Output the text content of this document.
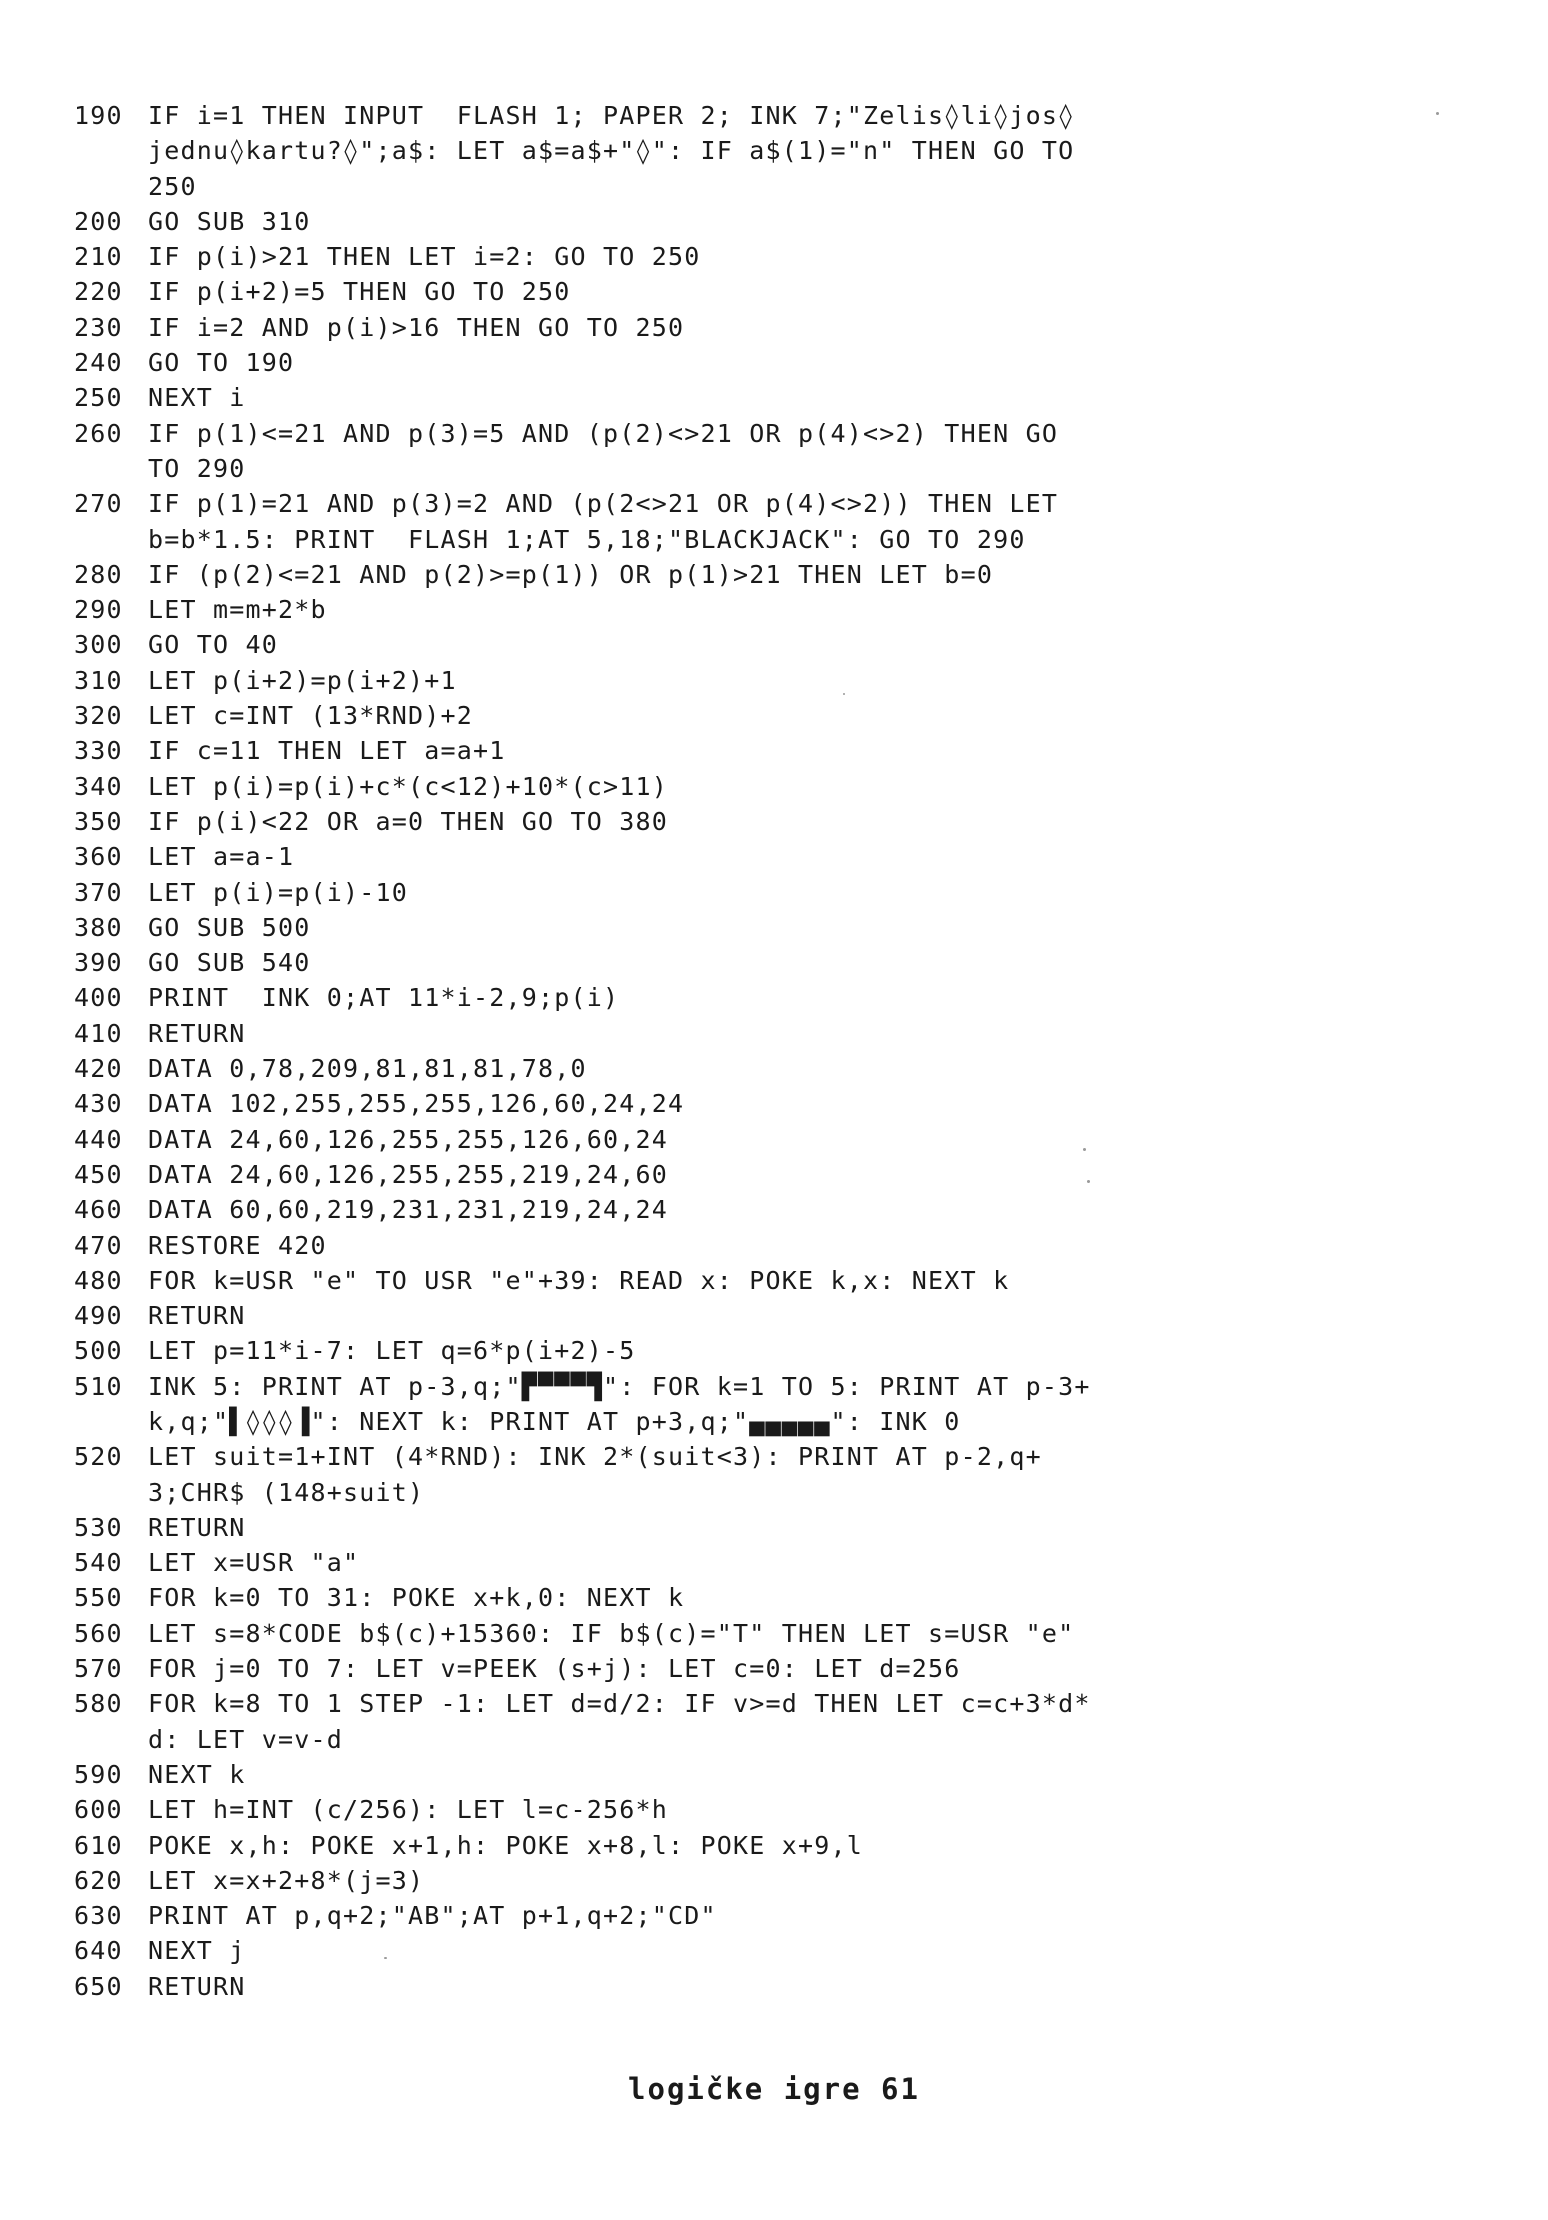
190	IF i=1 THEN INPUT  FLASH 1; PAPER 2; INK 7;"Zelis◊li◊jos◊
jednu◊kartu?◊";a$: LET a$=a$+"◊": IF a$(1)="n" THEN GO TO
250
200	GO SUB 310
210	IF p(i)>21 THEN LET i=2: GO TO 250
220	IF p(i+2)=5 THEN GO TO 250
230	IF i=2 AND p(i)>16 THEN GO TO 250
240	GO TO 190
250	NEXT i
260	IF p(1)<=21 AND p(3)=5 AND (p(2)<>21 OR p(4)<>2) THEN GO
TO 290
270	IF p(1)=21 AND p(3)=2 AND (p(2<>21 OR p(4)<>2)) THEN LET
b=b*1.5: PRINT  FLASH 1;AT 5,18;"BLACKJACK": GO TO 290
280	IF (p(2)<=21 AND p(2)>=p(1)) OR p(1)>21 THEN LET b=0
290	LET m=m+2*b
300	GO TO 40
310	LET p(i+2)=p(i+2)+1
320	LET c=INT (13*RND)+2
330	IF c=11 THEN LET a=a+1
340	LET p(i)=p(i)+c*(c<12)+10*(c>11)
350	IF p(i)<22 OR a=0 THEN GO TO 380
360	LET a=a-1
370	LET p(i)=p(i)-10
380	GO SUB 500
390	GO SUB 540
400	PRINT  INK 0;AT 11*i-2,9;p(i)
410	RETURN
420	DATA 0,78,209,81,81,81,78,0
430	DATA 102,255,255,255,126,60,24,24
440	DATA 24,60,126,255,255,126,60,24
450	DATA 24,60,126,255,255,219,24,60
460	DATA 60,60,219,231,231,219,24,24
470	RESTORE 420
480	FOR k=USR "e" TO USR "e"+39: READ x: POKE k,x: NEXT k
490	RETURN
500	LET p=11*i-7: LET q=6*p(i+2)-5
510	INK 5: PRINT AT p-3,q;"▛▀▀▀▜": FOR k=1 TO 5: PRINT AT p-3+
k,q;"▌◊◊◊▐": NEXT k: PRINT AT p+3,q;"▄▄▄▄▄": INK 0
520	LET suit=1+INT (4*RND): INK 2*(suit<3): PRINT AT p-2,q+
3;CHR$ (148+suit)
530	RETURN
540	LET x=USR "a"
550	FOR k=0 TO 31: POKE x+k,0: NEXT k
560	LET s=8*CODE b$(c)+15360: IF b$(c)="T" THEN LET s=USR "e"
570	FOR j=0 TO 7: LET v=PEEK (s+j): LET c=0: LET d=256
580	FOR k=8 TO 1 STEP -1: LET d=d/2: IF v>=d THEN LET c=c+3*d*
d: LET v=v-d
590	NEXT k
600	LET h=INT (c/256): LET l=c-256*h
610	POKE x,h: POKE x+1,h: POKE x+8,l: POKE x+9,l
620	LET x=x+2+8*(j=3)
630	PRINT AT p,q+2;"AB";AT p+1,q+2;"CD"
640	NEXT j
650	RETURN
logičke igre 61
